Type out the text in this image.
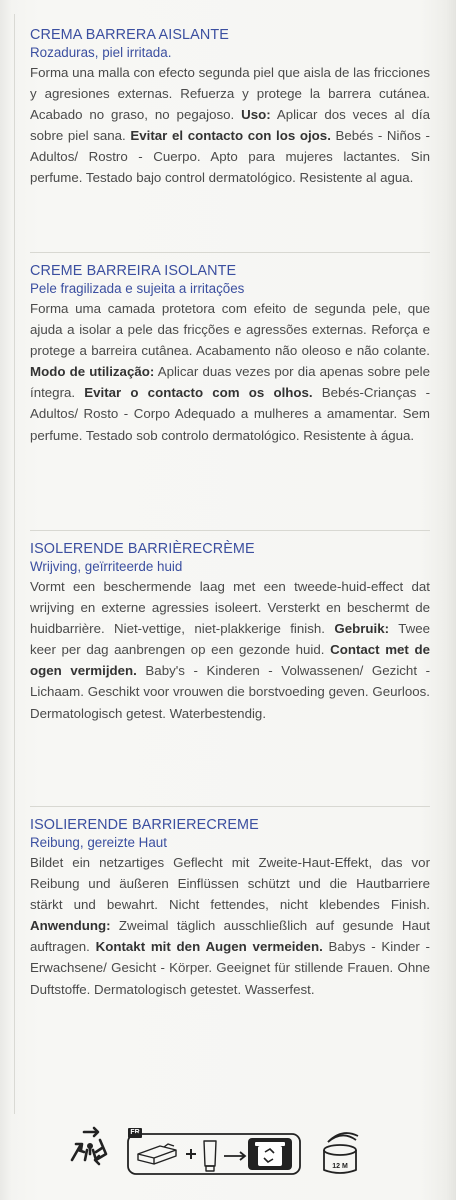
CREMA BARRERA AISLANTE

Rozaduras, piel irritada.

Forma una malla con efecto segunda piel que aisla de las fricciones y agresiones externas. Refuerza y protege la barrera cutánea. Acabado no graso, no pegajoso. Uso: Aplicar dos veces al día sobre piel sana. Evitar el contacto con los ojos. Bebés - Niños - Adultos/ Rostro - Cuerpo. Apto para mujeres lactantes. Sin perfume. Testado bajo control dermatológico. Resistente al agua.

CREME BARREIRA ISOLANTE

Pele fragilizada e sujeita a irritações

Forma uma camada protetora com efeito de segunda pele, que ajuda a isolar a pele das fricções e agressões externas. Reforça e protege a barreira cutânea. Acabamento não oleoso e não colante. Modo de utilização: Aplicar duas vezes por dia apenas sobre pele íntegra. Evitar o contacto com os olhos. Bebés-Crianças - Adultos/ Rosto - Corpo Adequado a mulheres a amamentar. Sem perfume. Testado sob controlo dermatológico. Resistente à água.

ISOLERENDE BARRIÈRECRÈME

Wrijving, geïrriteerde huid

Vormt een beschermende laag met een tweede-huid-effect dat wrijving en externe agressies isoleert. Versterkt en beschermt de huidbarrière. Niet-vettige, niet-plakkerige finish. Gebruik: Twee keer per dag aanbrengen op een gezonde huid. Contact met de ogen vermijden. Baby's - Kinderen - Volwassenen/ Gezicht - Lichaam. Geschikt voor vrouwen die borstvoeding geven. Geurloos. Dermatologisch getest. Waterbestendig.

ISOLIERENDE BARRIERECREME

Reibung, gereizte Haut

Bildet ein netzartiges Geflecht mit Zweite-Haut-Effekt, das vor Reibung und äußeren Einflüssen schützt und die Hautbarriere stärkt und bewahrt. Nicht fettendes, nicht klebendes Finish. Anwendung: Zweimal täglich ausschließlich auf gesunde Haut auftragen. Kontakt mit den Augen vermeiden. Babys - Kinder - Erwachsene/ Gesicht - Körper. Geeignet für stillende Frauen. Ohne Duftstoffe. Dermatologisch getestet. Wasserfest.

FR
12 M
